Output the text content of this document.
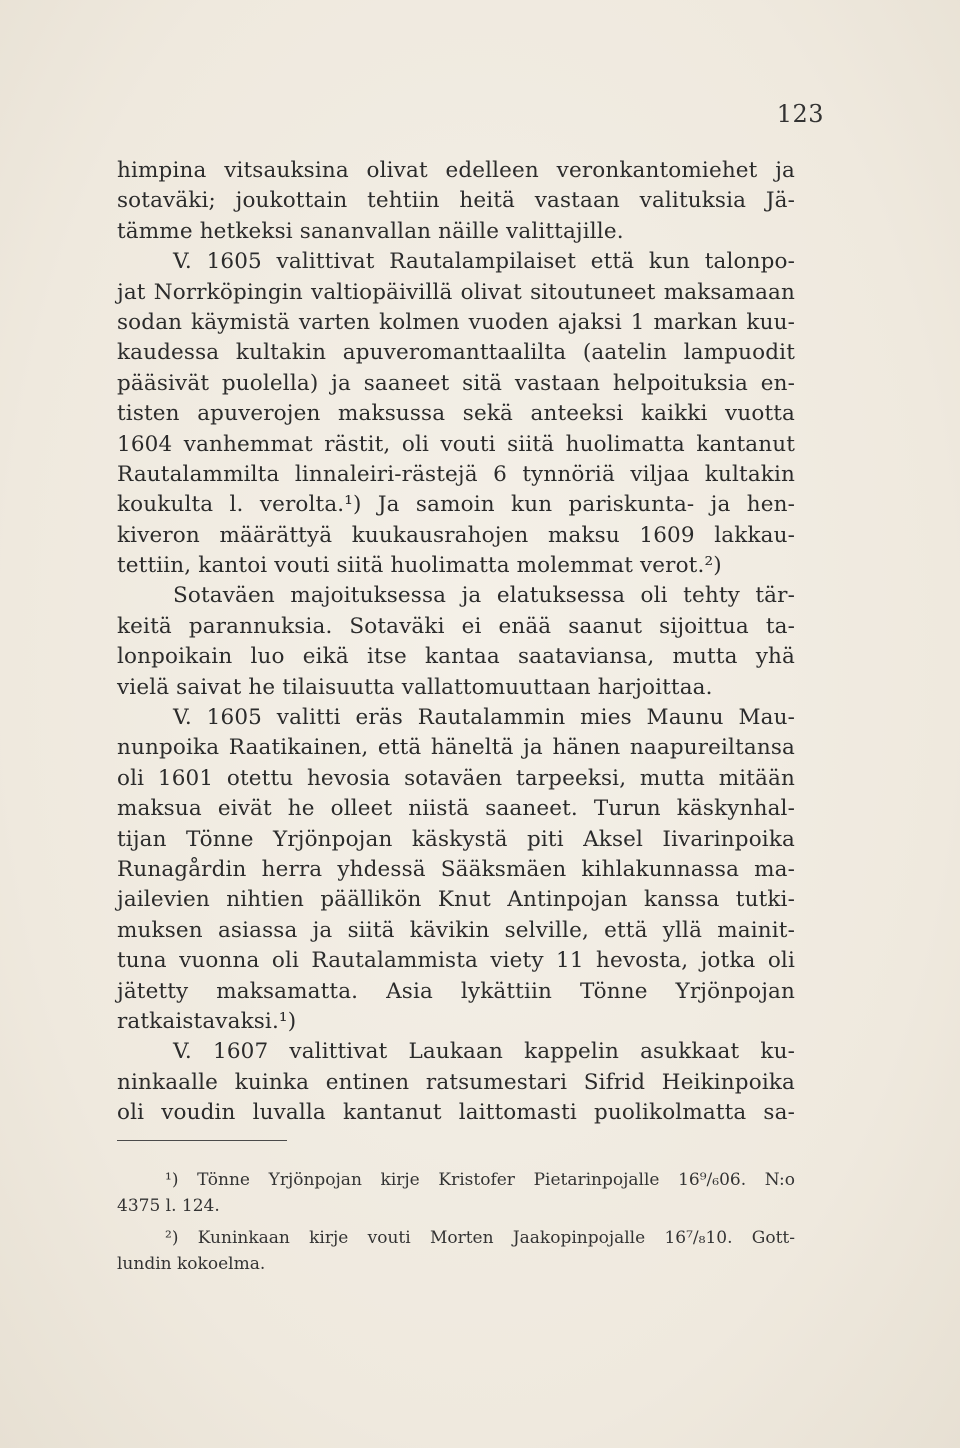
123
himpina vitsauksina olivat edelleen veronkantomiehet ja
sotaväki; joukottain tehtiin heitä vastaan valituksia Jä-
tämme hetkeksi sananvallan näille valittajille.
V. 1605 valittivat Rautalampilaiset että kun talonpo-
jat Norrköpingin valtiopäivillä olivat sitoutuneet maksamaan
sodan käymistä varten kolmen vuoden ajaksi 1 markan kuu-
kaudessa kultakin apuveromanttaalilta (aatelin lampuodit
pääsivät puolella) ja saaneet sitä vastaan helpoituksia en-
tisten apuverojen maksussa sekä anteeksi kaikki vuotta
1604 vanhemmat rästit, oli vouti siitä huolimatta kantanut
Rautalammilta linnaleiri-rästejä 6 tynnöriä viljaa kultakin
koukulta l. verolta.¹) Ja samoin kun pariskunta- ja hen-
kiveron määrättyä kuukausrahojen maksu 1609 lakkau-
tettiin, kantoi vouti siitä huolimatta molemmat verot.²)
Sotaväen majoituksessa ja elatuksessa oli tehty tär-
keitä parannuksia. Sotaväki ei enää saanut sijoittua ta-
lonpoikain luo eikä itse kantaa saataviansa, mutta yhä
vielä saivat he tilaisuutta vallattomuuttaan harjoittaa.
V. 1605 valitti eräs Rautalammin mies Maunu Mau-
nunpoika Raatikainen, että häneltä ja hänen naapureiltansa
oli 1601 otettu hevosia sotaväen tarpeeksi, mutta mitään
maksua eivät he olleet niistä saaneet. Turun käskynhal-
tijan Tönne Yrjönpojan käskystä piti Aksel Iivarinpoika
Runagårdin herra yhdessä Sääksmäen kihlakunnassa ma-
jailevien nihtien päällikön Knut Antinpojan kanssa tutki-
muksen asiassa ja siitä kävikin selville, että yllä mainit-
tuna vuonna oli Rautalammista viety 11 hevosta, jotka oli
jätetty maksamatta. Asia lykättiin Tönne Yrjönpojan
ratkaistavaksi.¹)
V. 1607 valittivat Laukaan kappelin asukkaat ku-
ninkaalle kuinka entinen ratsumestari Sifrid Heikinpoika
oli voudin luvalla kantanut laittomasti puolikolmatta sa-
¹) Tönne Yrjönpojan kirje Kristofer Pietarinpojalle 16⁹/₆06. N:o
4375 l. 124.
²) Kuninkaan kirje vouti Morten Jaakopinpojalle 16⁷/₈10. Gott-
lundin kokoelma.
